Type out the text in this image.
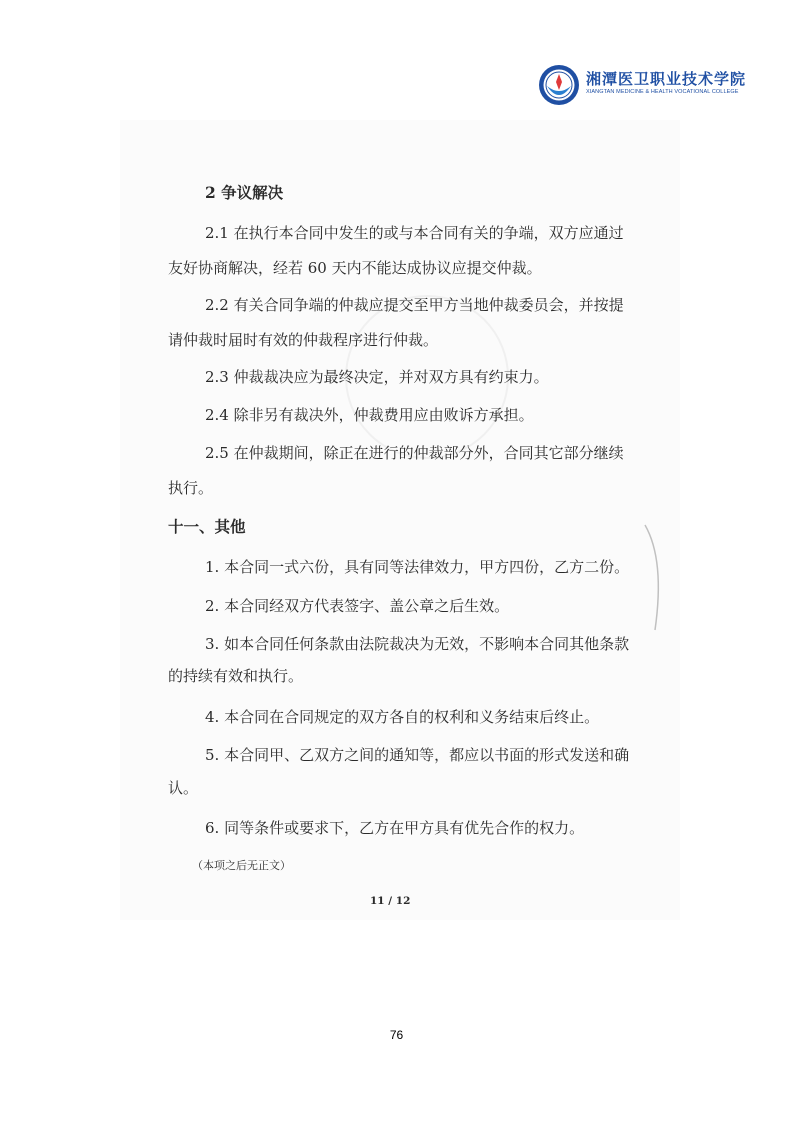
湘潭医卫职业技术学院
XIANGTAN MEDICINE & HEALTH VOCATIONAL COLLEGE
2 争议解决
2.1 在执行本合同中发生的或与本合同有关的争端，双方应通过
友好协商解决，经若 60 天内不能达成协议应提交仲裁。
2.2 有关合同争端的仲裁应提交至甲方当地仲裁委员会，并按提
请仲裁时届时有效的仲裁程序进行仲裁。
2.3 仲裁裁决应为最终决定，并对双方具有约束力。
2.4 除非另有裁决外，仲裁费用应由败诉方承担。
2.5 在仲裁期间，除正在进行的仲裁部分外，合同其它部分继续
执行。
十一、其他
1. 本合同一式六份，具有同等法律效力，甲方四份，乙方二份。
2. 本合同经双方代表签字、盖公章之后生效。
3. 如本合同任何条款由法院裁决为无效，不影响本合同其他条款
的持续有效和执行。
4. 本合同在合同规定的双方各自的权利和义务结束后终止。
5. 本合同甲、乙双方之间的通知等，都应以书面的形式发送和确
认。
6. 同等条件或要求下，乙方在甲方具有优先合作的权力。
（本项之后无正文）
11 / 12
76
